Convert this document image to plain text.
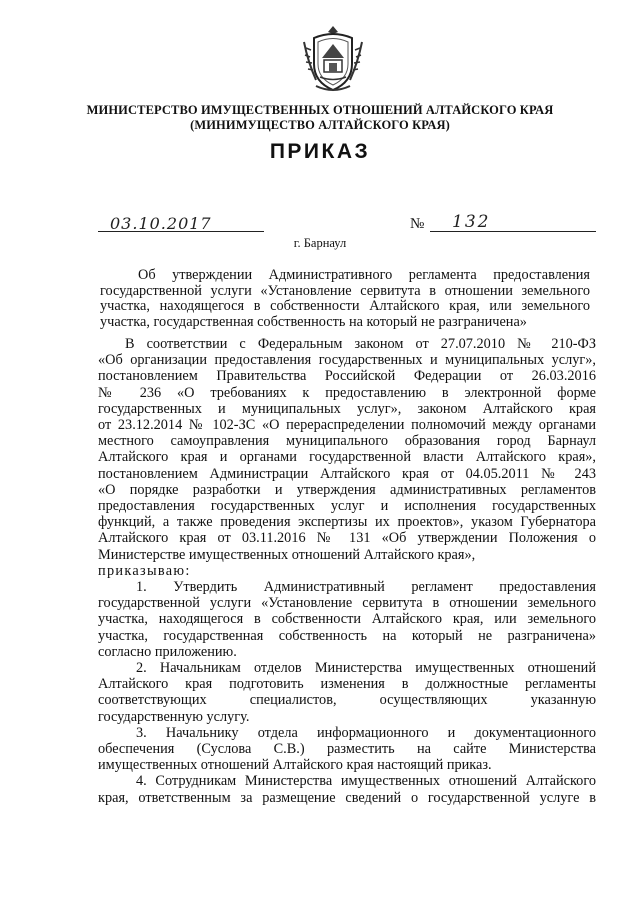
МИНИСТЕРСТВО ИМУЩЕСТВЕННЫХ ОТНОШЕНИЙ АЛТАЙСКОГО КРАЯ
(МИНИМУЩЕСТВО АЛТАЙСКОГО КРАЯ)
ПРИКАЗ
03.10.2017	№ 132
г. Барнаул
Об утверждении Административного регламента предоставления
государственной услуги «Установление сервитута в отношении земельного
участка, находящегося в собственности Алтайского края, или земельного
участка, государственная собственность на который не разграничена»
В соответствии с Федеральным законом от 27.07.2010 № 210-ФЗ
«Об организации предоставления государственных и муниципальных услуг»,
постановлением Правительства Российской Федерации от 26.03.2016
№ 236 «О требованиях к предоставлению в электронной форме
государственных и муниципальных услуг», законом Алтайского края
от 23.12.2014 № 102-ЗС «О перераспределении полномочий между органами
местного самоуправления муниципального образования город Барнаул
Алтайского края и органами государственной власти Алтайского края»,
постановлением Администрации Алтайского края от 04.05.2011 № 243
«О порядке разработки и утверждения административных регламентов
предоставления государственных услуг и исполнения государственных
функций, а также проведения экспертизы их проектов», указом Губернатора
Алтайского края от 03.11.2016 № 131 «Об утверждении Положения о
Министерстве имущественных отношений Алтайского края»,
приказываю:
1. Утвердить Административный регламент предоставления
государственной услуги «Установление сервитута в отношении земельного
участка, находящегося в собственности Алтайского края, или земельного
участка, государственная собственность на который не разграничена»
согласно приложению.
2. Начальникам отделов Министерства имущественных отношений
Алтайского края подготовить изменения в должностные регламенты
соответствующих специалистов, осуществляющих указанную
государственную услугу.
3. Начальнику отдела информационного и документационного
обеспечения (Суслова С.В.) разместить на сайте Министерства
имущественных отношений Алтайского края настоящий приказ.
4. Сотрудникам Министерства имущественных отношений Алтайского
края, ответственным за размещение сведений о государственной услуге в
